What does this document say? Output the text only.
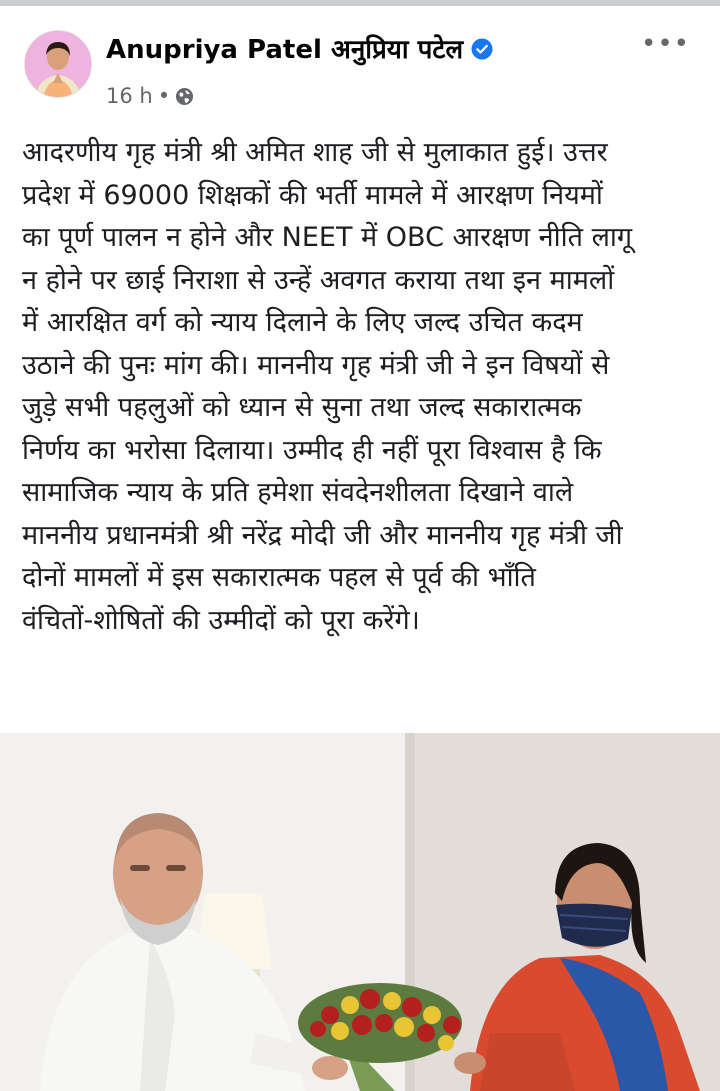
Anupriya Patel अनुप्रिया पटेल
16 h •
•••

आदरणीय गृह मंत्री श्री अमित शाह जी से मुलाकात हुई। उत्तर
प्रदेश में 69000 शिक्षकों की भर्ती मामले में आरक्षण नियमों
का पूर्ण पालन न होने और NEET में OBC आरक्षण नीति लागू
न होने पर छाई निराशा से उन्हें अवगत कराया तथा इन मामलों
में आरक्षित वर्ग को न्याय दिलाने के लिए जल्द उचित कदम
उठाने की पुनः मांग की। माननीय गृह मंत्री जी ने इन विषयों से
जुड़े सभी पहलुओं को ध्यान से सुना तथा जल्द सकारात्मक
निर्णय का भरोसा दिलाया। उम्मीद ही नहीं पूरा विश्वास है कि
सामाजिक न्याय के प्रति हमेशा संवदेनशीलता दिखाने वाले
माननीय प्रधानमंत्री श्री नरेंद्र मोदी जी और माननीय गृह मंत्री जी
दोनों मामलों में इस सकारात्मक पहल से पूर्व की भाँति
वंचितों-शोषितों की उम्मीदों को पूरा करेंगे।
